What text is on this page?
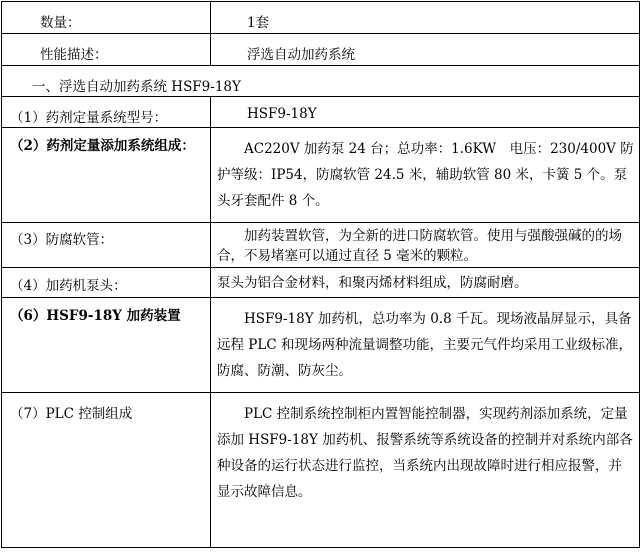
数量：	1套
性能描述：	浮选自动加药系统
一、浮选自动加药系统 HSF9-18Y	
（1）药剂定量系统型号：	HSF9-18Y
（2）药剂定量添加系统组成：	AC220V 加药泵 24 台；总功率：1.6KW　电压：230/400V 防护等级：IP54，防腐软管 24.5 米，辅助软管 80 米，卡簧 5 个。泵头牙套配件 8 个。
（3）防腐软管：	加药装置软管，为全新的进口防腐软管。使用与强酸强碱的的场合，不易堵塞可以通过直径 5 毫米的颗粒。
（4）加药机泵头：	泵头为铝合金材料，和聚丙烯材料组成，防腐耐磨。
（6）HSF9-18Y 加药装置	HSF9-18Y 加药机，总功率为 0.8 千瓦。现场液晶屏显示，具备远程 PLC 和现场两种流量调整功能，主要元气件均采用工业级标准，防腐、防潮、防灰尘。
（7）PLC 控制组成	PLC 控制系统控制柜内置智能控制器，实现药剂添加系统，定量添加 HSF9-18Y 加药机、报警系统等系统设备的控制并对系统内部各种设备的运行状态进行监控，当系统内出现故障时进行相应报警，并显示故障信息。
